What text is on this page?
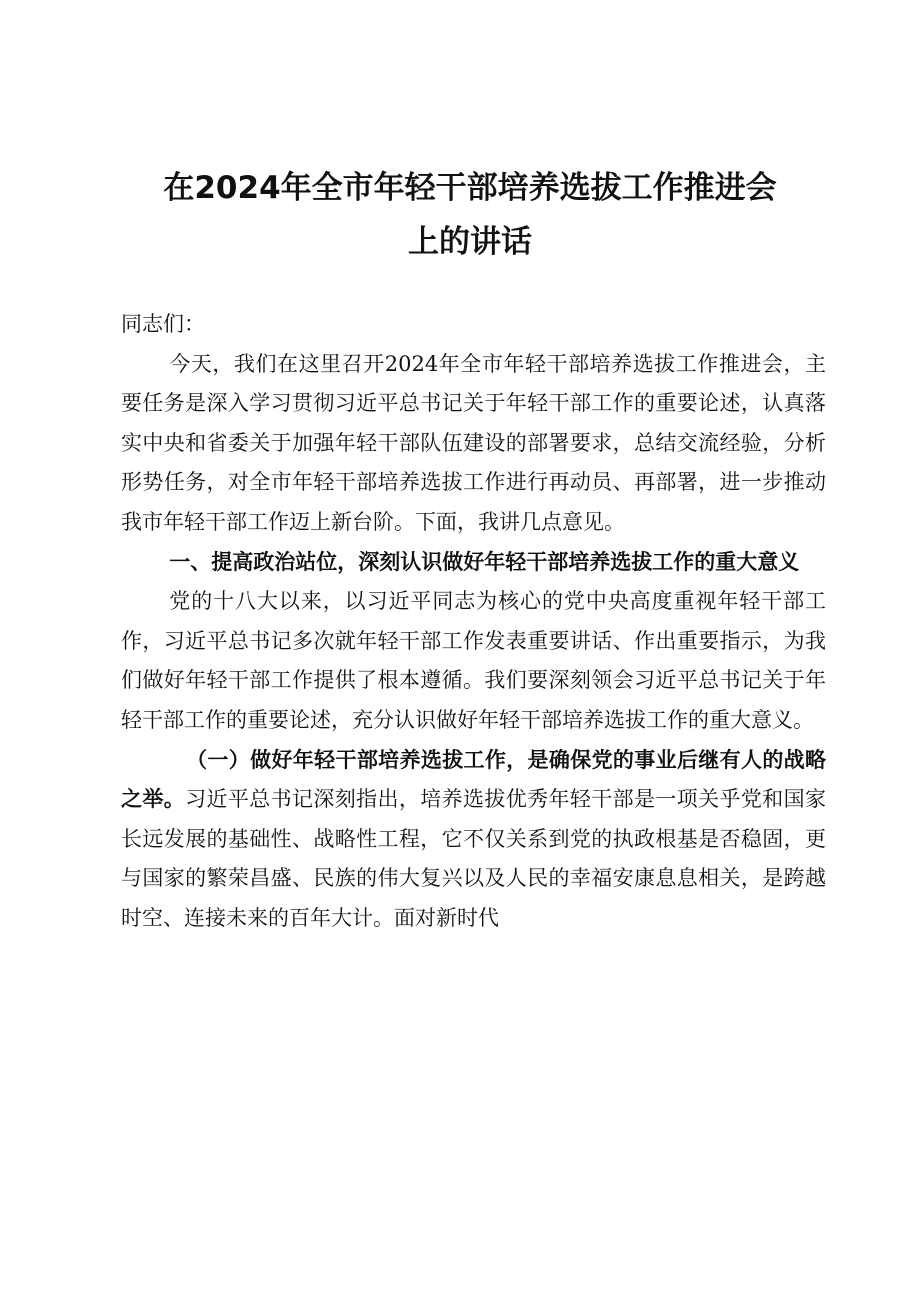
在2024年全市年轻干部培养选拔工作推进会
上的讲话

同志们：

今天，我们在这里召开2024年全市年轻干部培养选拔工作推进会，主要任务是深入学习贯彻习近平总书记关于年轻干部工作的重要论述，认真落实中央和省委关于加强年轻干部队伍建设的部署要求，总结交流经验，分析形势任务，对全市年轻干部培养选拔工作进行再动员、再部署，进一步推动我市年轻干部工作迈上新台阶。下面，我讲几点意见。

一、提高政治站位，深刻认识做好年轻干部培养选拔工作的重大意义

党的十八大以来，以习近平同志为核心的党中央高度重视年轻干部工作，习近平总书记多次就年轻干部工作发表重要讲话、作出重要指示，为我们做好年轻干部工作提供了根本遵循。我们要深刻领会习近平总书记关于年轻干部工作的重要论述，充分认识做好年轻干部培养选拔工作的重大意义。

（一）做好年轻干部培养选拔工作，是确保党的事业后继有人的战略之举。习近平总书记深刻指出，培养选拔优秀年轻干部是一项关乎党和国家长远发展的基础性、战略性工程，它不仅关系到党的执政根基是否稳固，更与国家的繁荣昌盛、民族的伟大复兴以及人民的幸福安康息息相关，是跨越时空、连接未来的百年大计。面对新时代
